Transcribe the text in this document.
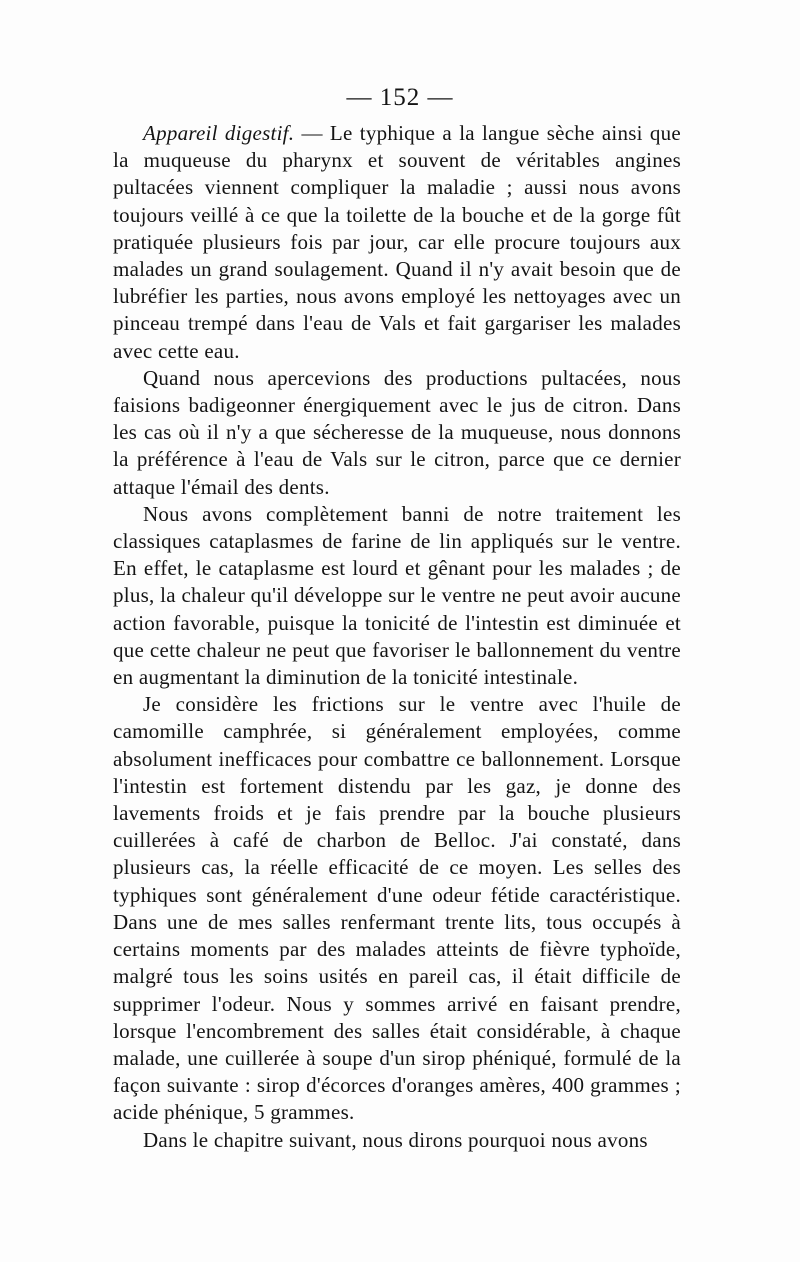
— 152 —

Appareil digestif. — Le typhique a la langue sèche ainsi que la muqueuse du pharynx et souvent de véritables angines pultacées viennent compliquer la maladie ; aussi nous avons toujours veillé à ce que la toilette de la bouche et de la gorge fût pratiquée plusieurs fois par jour, car elle procure toujours aux malades un grand soulagement. Quand il n'y avait besoin que de lubréfier les parties, nous avons employé les nettoyages avec un pinceau trempé dans l'eau de Vals et fait gargariser les malades avec cette eau.

Quand nous apercevions des productions pultacées, nous faisions badigeonner énergiquement avec le jus de citron. Dans les cas où il n'y a que sécheresse de la muqueuse, nous donnons la préférence à l'eau de Vals sur le citron, parce que ce dernier attaque l'émail des dents.

Nous avons complètement banni de notre traitement les classiques cataplasmes de farine de lin appliqués sur le ventre. En effet, le cataplasme est lourd et gênant pour les malades ; de plus, la chaleur qu'il développe sur le ventre ne peut avoir aucune action favorable, puisque la tonicité de l'intestin est diminuée et que cette chaleur ne peut que favoriser le ballonnement du ventre en augmentant la diminution de la tonicité intestinale.

Je considère les frictions sur le ventre avec l'huile de camomille camphrée, si généralement employées, comme absolument inefficaces pour combattre ce ballonnement. Lorsque l'intestin est fortement distendu par les gaz, je donne des lavements froids et je fais prendre par la bouche plusieurs cuillerées à café de charbon de Belloc. J'ai constaté, dans plusieurs cas, la réelle efficacité de ce moyen. Les selles des typhiques sont généralement d'une odeur fétide caractéristique. Dans une de mes salles renfermant trente lits, tous occupés à certains moments par des malades atteints de fièvre typhoïde, malgré tous les soins usités en pareil cas, il était difficile de supprimer l'odeur. Nous y sommes arrivé en faisant prendre, lorsque l'encombrement des salles était considérable, à chaque malade, une cuillerée à soupe d'un sirop phéniqué, formulé de la façon suivante : sirop d'écorces d'oranges amères, 400 grammes ; acide phénique, 5 grammes.

Dans le chapitre suivant, nous dirons pourquoi nous avons
